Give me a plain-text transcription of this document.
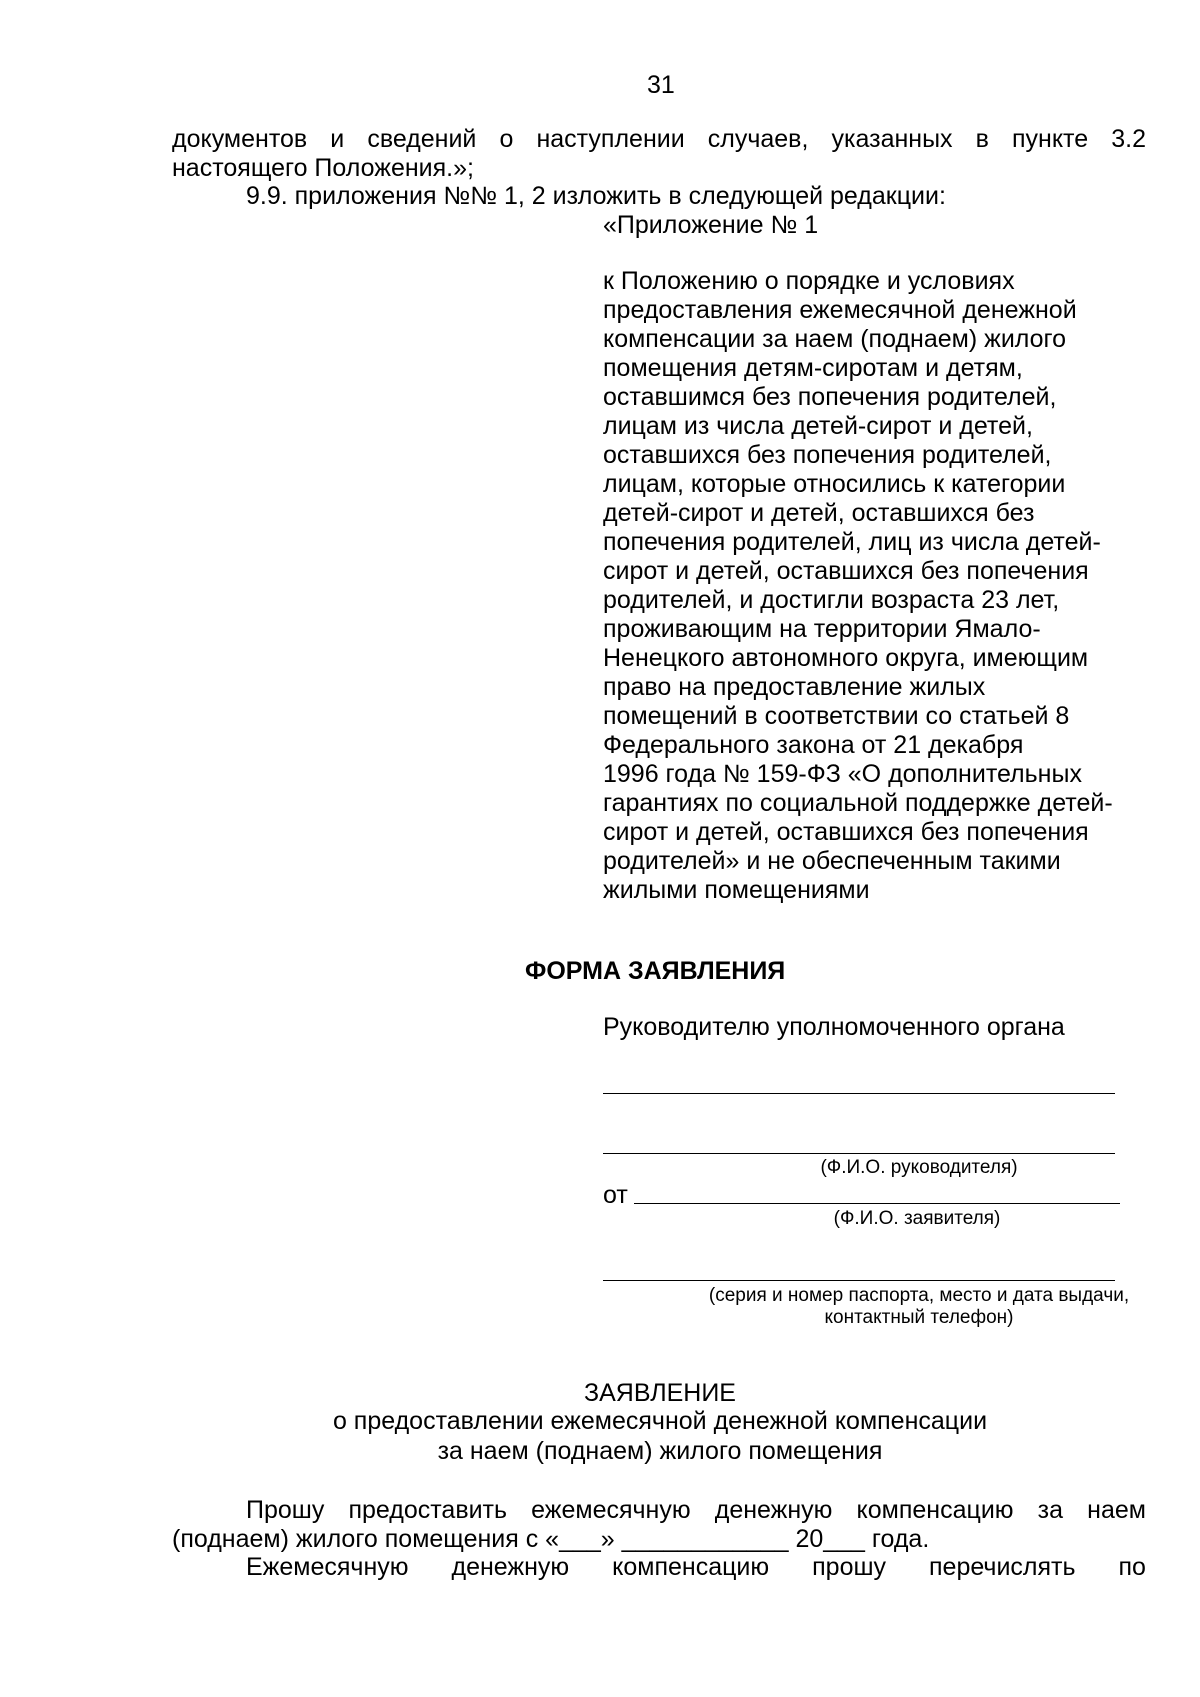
31
документов и сведений о наступлении случаев, указанных в пункте 3.2
настоящего Положения.»;
9.9. приложения №№ 1, 2 изложить в следующей редакции:
«Приложение № 1
к Положению о порядке и условиях
предоставления ежемесячной денежной
компенсации за наем (поднаем) жилого
помещения детям-сиротам и детям,
оставшимся без попечения родителей,
лицам из числа детей-сирот и детей,
оставшихся без попечения родителей,
лицам, которые относились к категории
детей-сирот и детей, оставшихся без
попечения родителей, лиц из числа детей-
сирот и детей, оставшихся без попечения
родителей, и достигли возраста 23 лет,
проживающим на территории Ямало-
Ненецкого автономного округа, имеющим
право на предоставление жилых
помещений в соответствии со статьей 8
Федерального закона от 21 декабря
1996 года № 159-ФЗ «О дополнительных
гарантиях по социальной поддержке детей-
сирот и детей, оставшихся без попечения
родителей» и не обеспеченным такими
жилыми помещениями
ФОРМА ЗАЯВЛЕНИЯ
Руководителю уполномоченного органа
(Ф.И.О. руководителя)
от
(Ф.И.О. заявителя)
(серия и номер паспорта, место и дата выдачи,
контактный телефон)
ЗАЯВЛЕНИЕ
о предоставлении ежемесячной денежной компенсации
за наем (поднаем) жилого помещения
Прошу предоставить ежемесячную денежную компенсацию за наем
(поднаем) жилого помещения с «___» ____________ 20___ года.
Ежемесячную денежную компенсацию прошу перечислять по
